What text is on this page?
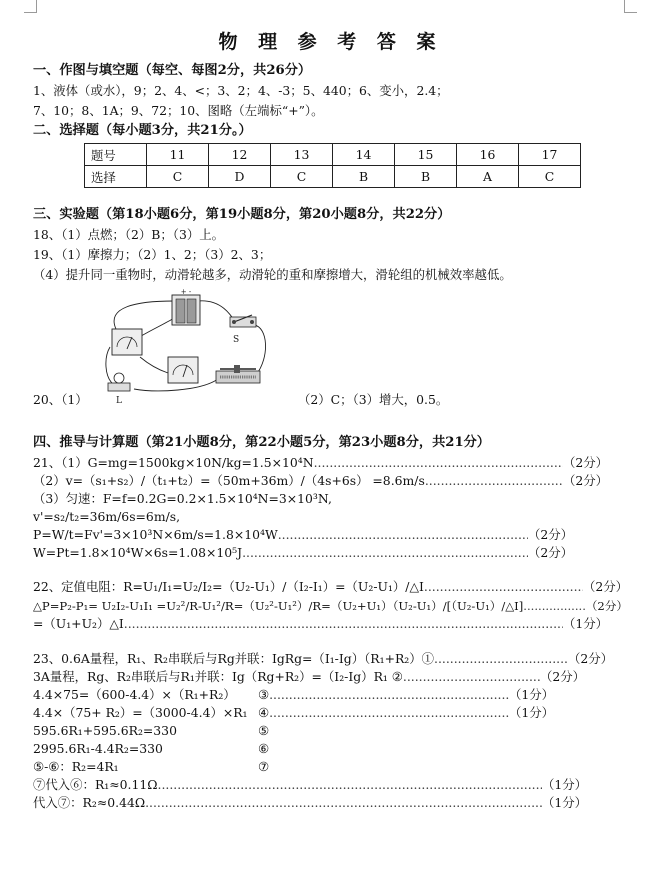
物 理 参 考 答 案
一、作图与填空题（每空、每图2分，共26分）
1、液体（或水），9；2、4、<；3、2；4、-3；5、440；6、变小，2.4；
7、10；8、1A；9、72；10、图略（左端标“+”）。
二、选择题（每小题3分，共21分。）
题号	11	12	13	14	15	16	17
选择	C	D	C	B	B	A	C
三、实验题（第18小题6分，第19小题8分，第20小题8分，共22分）
18、（1）点燃；（2）B；（3）上。
19、（1）摩擦力；（2）1、2；（3）2、3；
（4）提升同一重物时，动滑轮越多，动滑轮的重和摩擦增大，滑轮组的机械效率越低。
+ -
S
L
20、（1）	（2）C；（3）增大，0.5。
四、推导与计算题（第21小题8分，第22小题5分，第23小题8分，共21分）
21、（1）G=mg=1500kg×10N/kg=1.5×10⁴N .....	（2分）
（2）v=（s₁+s₂）/（t₁+t₂）=（50m+36m）/（4s+6s） =8.6m/s .....	（2分）
（3）匀速：F=f=0.2G=0.2×1.5×10⁴N=3×10³N,
v'=s₂/t₂=36m/6s=6m/s,
P=W/t=Fv'=3×10³N×6m/s=1.8×10⁴W .....	（2分）
W=Pt=1.8×10⁴W×6s=1.08×10⁵J .....	（2分）
22、定值电阻：R=U₁/I₁=U₂/I₂=（U₂-U₁）/（I₂-I₁）=（U₂-U₁）/△I .....	（2分）
△P=P₂-P₁= U₂I₂-U₁I₁ =U₂²/R-U₁²/R=（U₂²-U₁²）/R=（U₂+U₁）（U₂-U₁）/[（U₂-U₁）/△I] .....	（2分）
=（U₁+U₂）△I .....	（1分）
23、0.6A量程，R₁、R₂串联后与Rg并联：IgRg=（I₁-Ig）（R₁+R₂）① .....	（2分）
3A量程，Rg、R₂串联后与R₁并联：Ig（Rg+R₂）=（I₂-Ig）R₁ ② .....	（2分）
4.4×75=（600-4.4）×（R₁+R₂） ③ .....	（1分）
4.4×（75+ R₂）=（3000-4.4）×R₁ ④ .....	（1分）
595.6R₁+595.6R₂=330	⑤
2995.6R₁-4.4R₂=330	⑥
⑤-⑥：R₂=4R₁	⑦
⑦代入⑥：R₁≈0.11Ω .....	（1分）
代入⑦：R₂≈0.44Ω .....	（1分）
